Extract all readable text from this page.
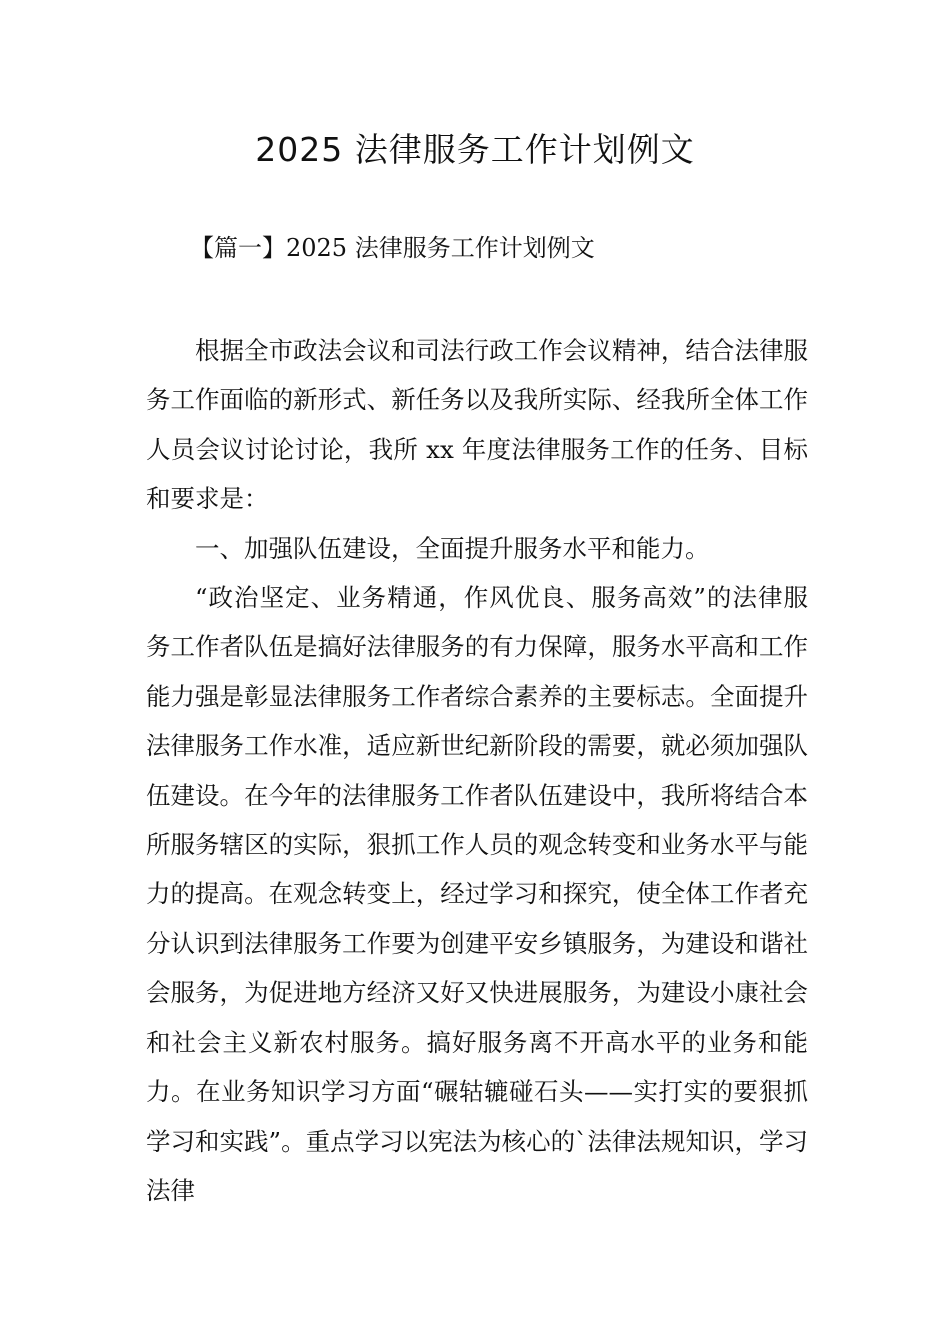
2025 法律服务工作计划例文
【篇一】2025 法律服务工作计划例文

根据全市政法会议和司法行政工作会议精神，结合法律服务工作面临的新形式、新任务以及我所实际、经我所全体工作人员会议讨论讨论，我所 xx 年度法律服务工作的任务、目标和要求是：

一、加强队伍建设，全面提升服务水平和能力。

“政治坚定、业务精通，作风优良、服务高效”的法律服务工作者队伍是搞好法律服务的有力保障，服务水平高和工作能力强是彰显法律服务工作者综合素养的主要标志。全面提升法律服务工作水准，适应新世纪新阶段的需要，就必须加强队伍建设。在今年的法律服务工作者队伍建设中，我所将结合本所服务辖区的实际，狠抓工作人员的观念转变和业务水平与能力的提高。在观念转变上，经过学习和探究，使全体工作者充分认识到法律服务工作要为创建平安乡镇服务，为建设和谐社会服务，为促进地方经济又好又快进展服务，为建设小康社会和社会主义新农村服务。搞好服务离不开高水平的业务和能力。在业务知识学习方面“碾轱辘碰石头——实打实的要狠抓学习和实践”。重点学习以宪法为核心的`法律法规知识，学习法律
